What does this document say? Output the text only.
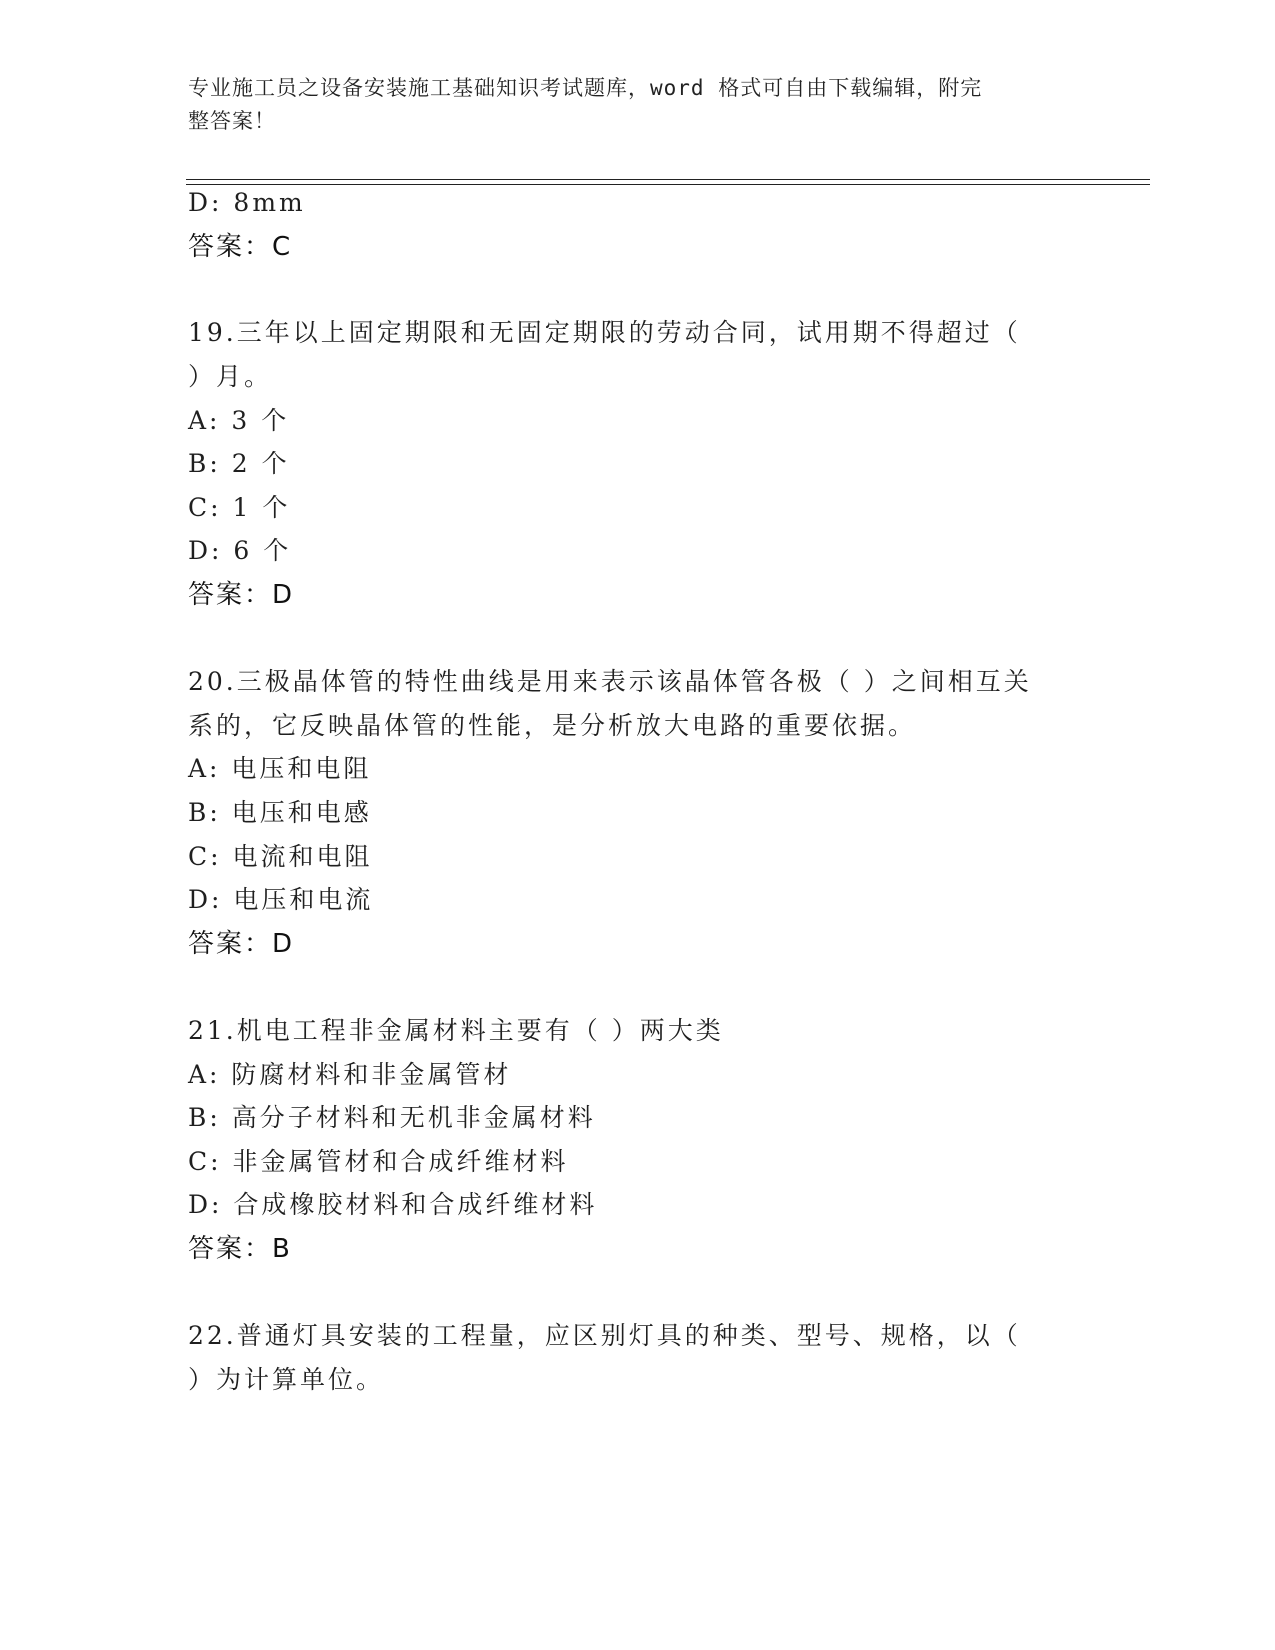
专业施工员之设备安装施工基础知识考试题库，word 格式可自由下载编辑，附完
整答案！
D: 8mm
答案：C
19.三年以上固定期限和无固定期限的劳动合同，试用期不得超过（
）月。
A: 3 个
B: 2 个
C: 1 个
D: 6 个
答案：D
20.三极晶体管的特性曲线是用来表示该晶体管各极（ ）之间相互关
系的，它反映晶体管的性能，是分析放大电路的重要依据。
A: 电压和电阻
B: 电压和电感
C: 电流和电阻
D: 电压和电流
答案：D
21.机电工程非金属材料主要有（ ）两大类
A: 防腐材料和非金属管材
B: 高分子材料和无机非金属材料
C: 非金属管材和合成纤维材料
D: 合成橡胶材料和合成纤维材料
答案：B
22.普通灯具安装的工程量，应区别灯具的种类、型号、规格，以（
）为计算单位。
